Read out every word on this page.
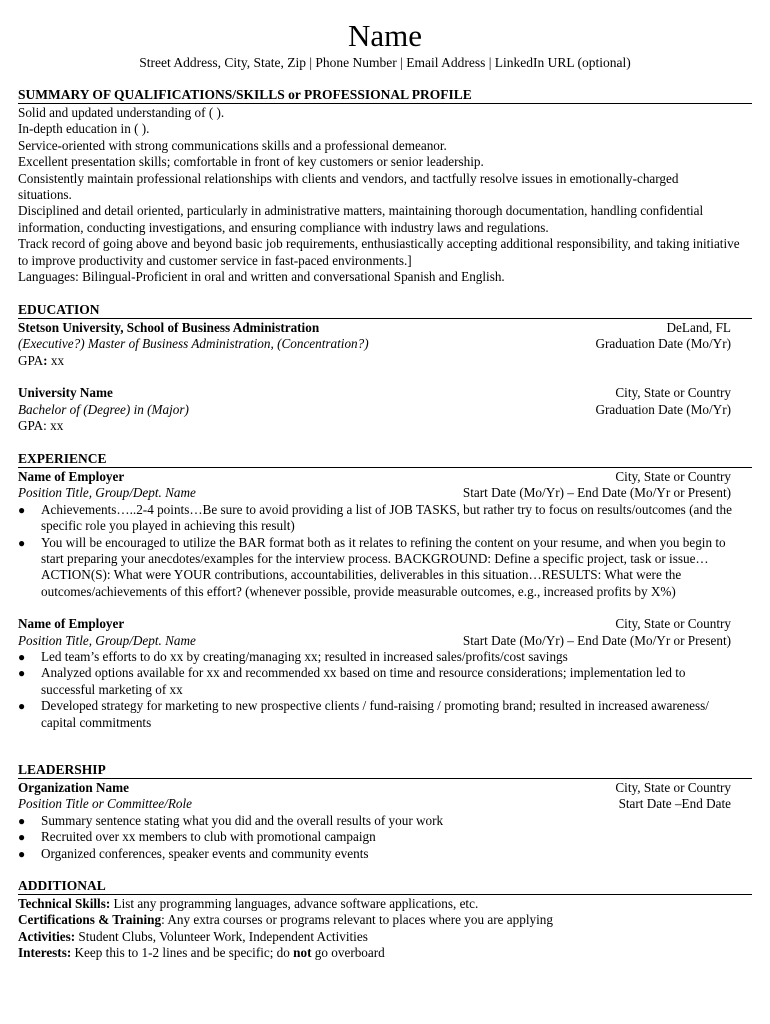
Name
Street Address, City, State, Zip | Phone Number | Email Address | LinkedIn URL (optional)
SUMMARY OF QUALIFICATIONS/SKILLS or PROFESSIONAL PROFILE
Solid and updated understanding of ( ).
In-depth education in ( ).
Service-oriented with strong communications skills and a professional demeanor.
Excellent presentation skills; comfortable in front of key customers or senior leadership.
Consistently maintain professional relationships with clients and vendors, and tactfully resolve issues in emotionally-charged situations.
Disciplined and detail oriented, particularly in administrative matters, maintaining thorough documentation, handling confidential information, conducting investigations, and ensuring compliance with industry laws and regulations.
Track record of going above and beyond basic job requirements, enthusiastically accepting additional responsibility, and taking initiative to improve productivity and customer service in fast-paced environments.]
Languages: Bilingual-Proficient in oral and written and conversational Spanish and English.
EDUCATION
Stetson University, School of Business Administration	DeLand, FL
(Executive?) Master of Business Administration, (Concentration?)	Graduation Date (Mo/Yr)
GPA: xx
University Name	City, State or Country
Bachelor of (Degree) in (Major)	Graduation Date (Mo/Yr)
GPA: xx
EXPERIENCE
Name of Employer	City, State or Country
Position Title, Group/Dept. Name	Start Date (Mo/Yr) – End Date (Mo/Yr or Present)
● Achievements…..2-4 points…Be sure to avoid providing a list of JOB TASKS, but rather try to focus on results/outcomes (and the specific role you played in achieving this result)
● You will be encouraged to utilize the BAR format both as it relates to refining the content on your resume, and when you begin to start preparing your anecdotes/examples for the interview process. BACKGROUND: Define a specific project, task or issue…ACTION(S): What were YOUR contributions, accountabilities, deliverables in this situation…RESULTS: What were the outcomes/achievements of this effort? (whenever possible, provide measurable outcomes, e.g., increased profits by X%)
Name of Employer	City, State or Country
Position Title, Group/Dept. Name	Start Date (Mo/Yr) – End Date (Mo/Yr or Present)
● Led team’s efforts to do xx by creating/managing xx; resulted in increased sales/profits/cost savings
● Analyzed options available for xx and recommended xx based on time and resource considerations; implementation led to successful marketing of xx
● Developed strategy for marketing to new prospective clients / fund-raising / promoting brand; resulted in increased awareness/ capital commitments
LEADERSHIP
Organization Name	City, State or Country
Position Title or Committee/Role	Start Date –End Date
● Summary sentence stating what you did and the overall results of your work
● Recruited over xx members to club with promotional campaign
● Organized conferences, speaker events and community events
ADDITIONAL
Technical Skills: List any programming languages, advance software applications, etc.
Certifications & Training: Any extra courses or programs relevant to places where you are applying
Activities: Student Clubs, Volunteer Work, Independent Activities
Interests: Keep this to 1-2 lines and be specific; do not go overboard
